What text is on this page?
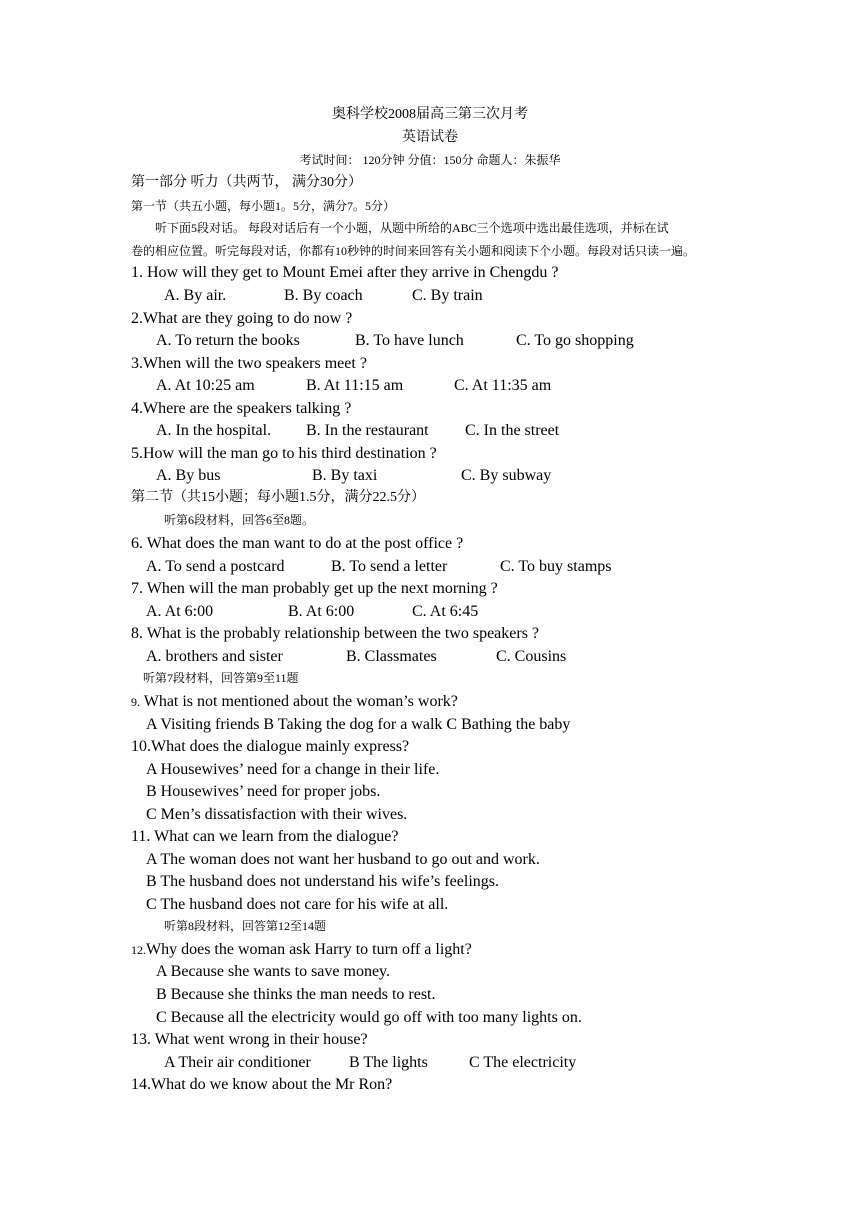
奥科学校2008届高三第三次月考
英语试卷
考试时间： 120分钟 分值：150分 命题人：朱振华
第一部分 听力（共两节， 满分30分）
第一节（共五小题，每小题1。5分，满分7。5分）
听下面5段对话。 每段对话后有一个小题，从题中所给的ABC三个选项中选出最佳选项，并标在试
卷的相应位置。听完每段对话，你都有10秒钟的时间来回答有关小题和阅读下个小题。每段对话只读一遍。
1. How will they get to Mount Emei after they arrive in Chengdu ?
A. By air.	B. By coach	C. By train
2.What are they going to do now ?
A. To return the books	B. To have lunch	C. To go shopping
3.When will the two speakers meet ?
A. At 10:25 am	B. At 11:15 am	C. At 11:35 am
4.Where are the speakers talking ?
A. In the hospital. B. In the restaurant C. In the street
5.How will the man go to his third destination ?
A. By bus	B. By taxi	C. By subway
第二节（共15小题；每小题1.5分，满分22.5分）
听第6段材料，回答6至8题。
6. What does the man want to do at the post office ?
A. To send a postcard	B. To send a letter	C. To buy stamps
7. When will the man probably get up the next morning ?
A. At 6:00	B. At 6:00	C. At 6:45
8. What is the probably relationship between the two speakers ?
A. brothers and sister	B. Classmates	C. Cousins
听第7段材料，回答第9至11题
9. What is not mentioned about the woman’s work?
A Visiting friends B Taking the dog for a walk C Bathing the baby
10.What does the dialogue mainly express?
A Housewives’ need for a change in their life.
B Housewives’ need for proper jobs.
C Men’s dissatisfaction with their wives.
11. What can we learn from the dialogue?
A The woman does not want her husband to go out and work.
B The husband does not understand his wife’s feelings.
C The husband does not care for his wife at all.
听第8段材料，回答第12至14题
12.Why does the woman ask Harry to turn off a light?
A Because she wants to save money.
B Because she thinks the man needs to rest.
C Because all the electricity would go off with too many lights on.
13. What went wrong in their house?
A Their air conditioner B The lights	C The electricity
14.What do we know about the Mr Ron?
